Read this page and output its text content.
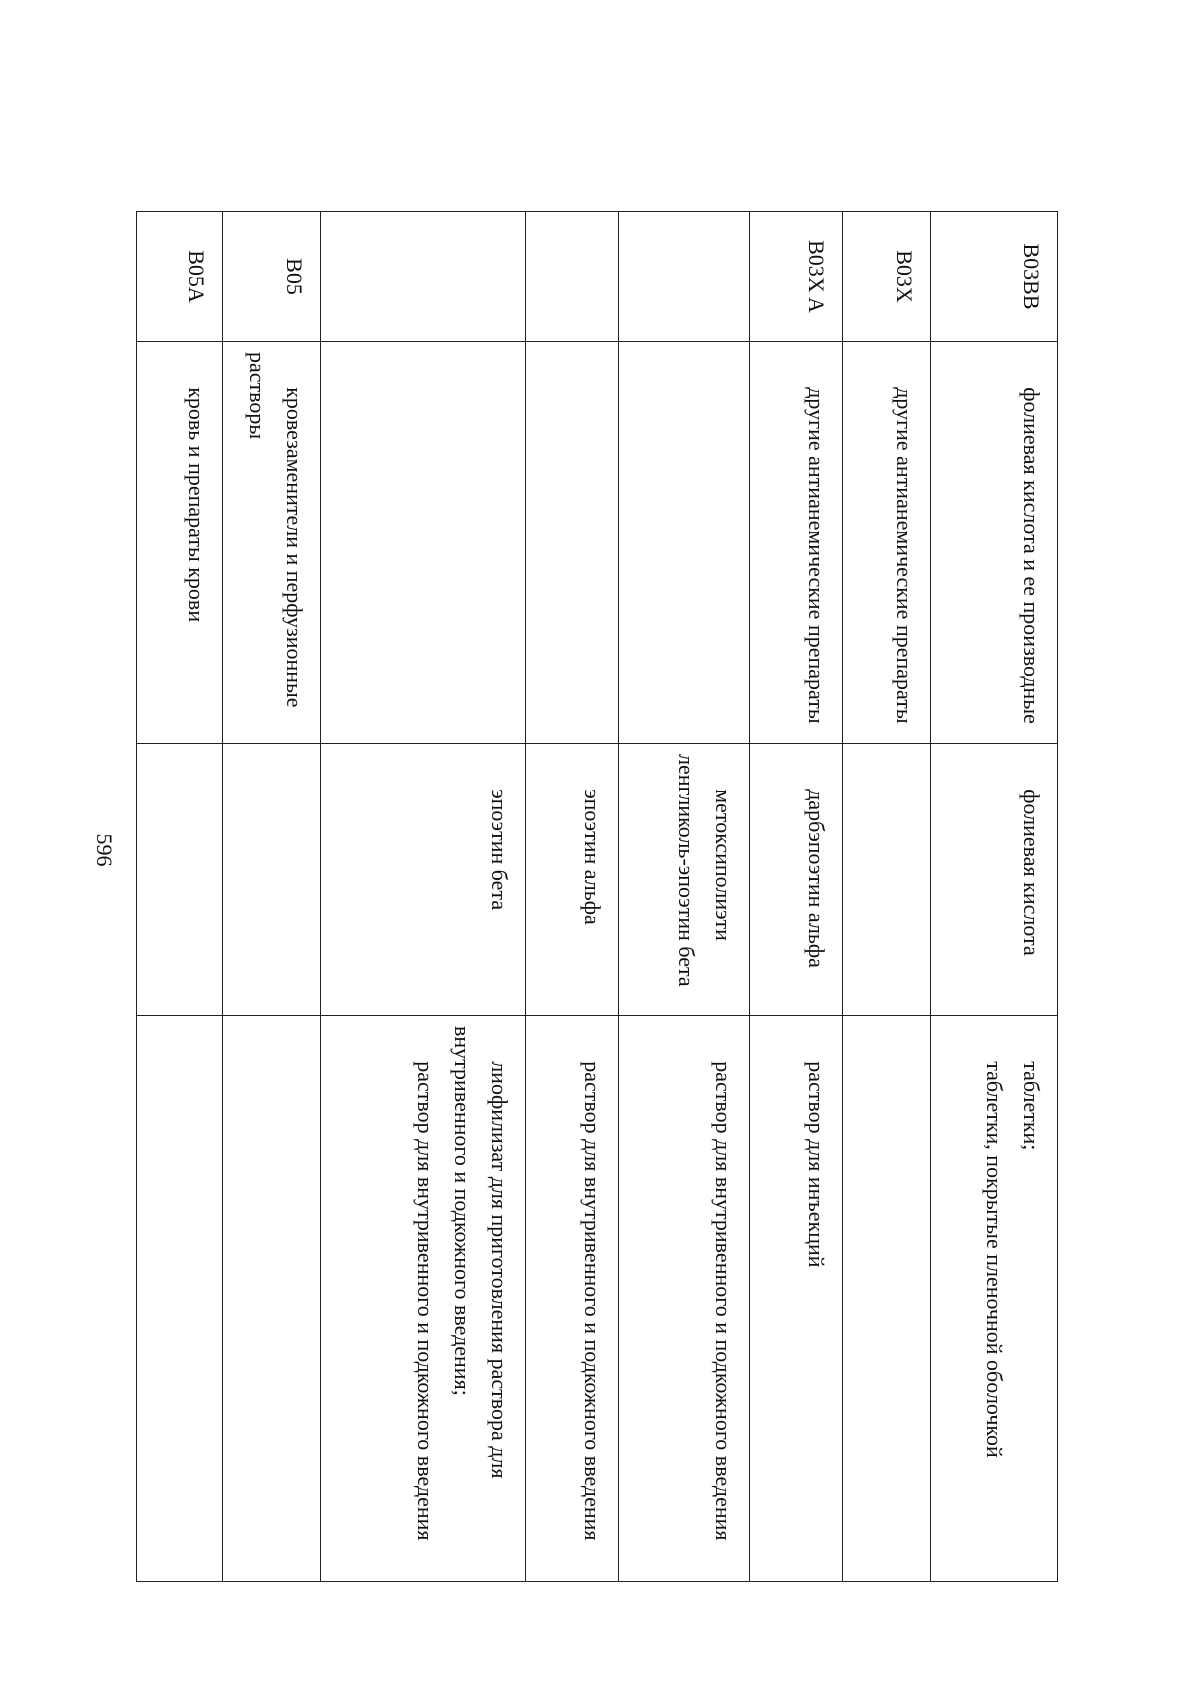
596
B03BB	фолиевая кислота и ее производные	фолиевая кислота	таблетки;
таблетки, покрытые пленочной оболочкой

B03X	другие антианемические препараты		
B03X A	другие антианемические препараты	дарбэпоэтин альфа	раствор для инъекций

		метоксиполиэти ленгликоль-эпоэтин бета	раствор для внутривенного и подкожного введения

		эпоэтин альфа	раствор для внутривенного и подкожного введения

		эпоэтин бета	лиофилизат для приготовления раствора для внутривенного и подкожного введения;
раствор для внутривенного и подкожного введения

B05	кровезаменители и перфузионные растворы		
B05A	кровь и препараты крови		
